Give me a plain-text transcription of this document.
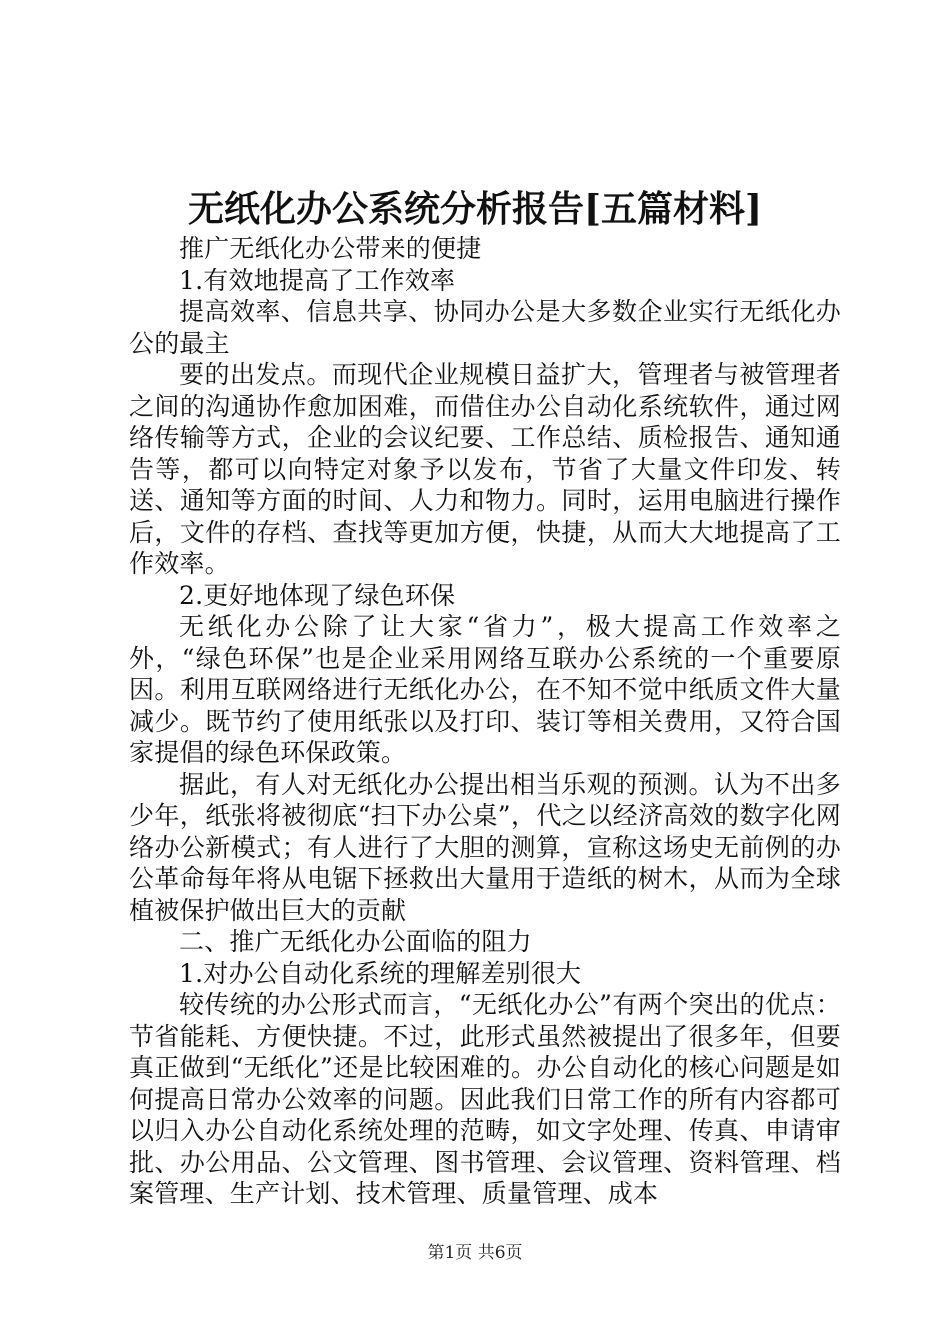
无纸化办公系统分析报告[五篇材料]

推广无纸化办公带来的便捷

1.有效地提高了工作效率

提高效率、信息共享、协同办公是大多数企业实行无纸化办公的最主

要的出发点。而现代企业规模日益扩大，管理者与被管理者之间的沟通协作愈加困难，而借住办公自动化系统软件，通过网络传输等方式，企业的会议纪要、工作总结、质检报告、通知通告等，都可以向特定对象予以发布，节省了大量文件印发、转送、通知等方面的时间、人力和物力。同时，运用电脑进行操作后，文件的存档、查找等更加方便，快捷，从而大大地提高了工作效率。

2.更好地体现了绿色环保

无纸化办公除了让大家“省力”，极大提高工作效率之外，“绿色环保”也是企业采用网络互联办公系统的一个重要原因。利用互联网络进行无纸化办公，在不知不觉中纸质文件大量减少。既节约了使用纸张以及打印、装订等相关费用，又符合国家提倡的绿色环保政策。

据此，有人对无纸化办公提出相当乐观的预测。认为不出多少年，纸张将被彻底“扫下办公桌”，代之以经济高效的数字化网络办公新模式；有人进行了大胆的测算，宣称这场史无前例的办公革命每年将从电锯下拯救出大量用于造纸的树木，从而为全球植被保护做出巨大的贡献

二、推广无纸化办公面临的阻力

1.对办公自动化系统的理解差别很大

较传统的办公形式而言，“无纸化办公”有两个突出的优点：节省能耗、方便快捷。不过，此形式虽然被提出了很多年，但要真正做到“无纸化”还是比较困难的。办公自动化的核心问题是如何提高日常办公效率的问题。因此我们日常工作的所有内容都可以归入办公自动化系统处理的范畴，如文字处理、传真、申请审批、办公用品、公文管理、图书管理、会议管理、资料管理、档案管理、生产计划、技术管理、质量管理、成本

第1页 共6页
